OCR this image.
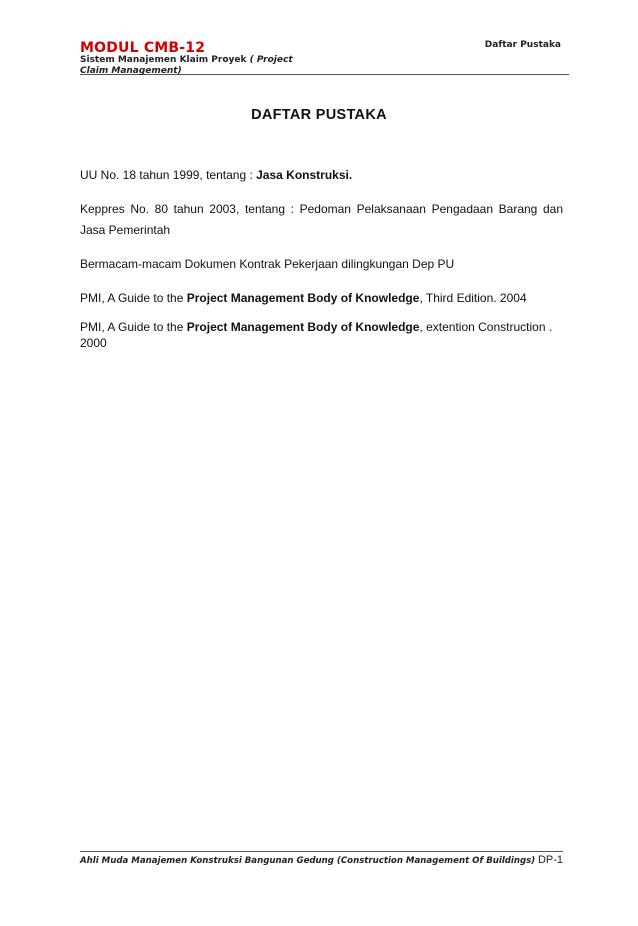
MODUL CMB-12
Sistem Manajemen Klaim Proyek ( Project Claim Management)
Daftar Pustaka
DAFTAR PUSTAKA

UU No. 18 tahun 1999, tentang : Jasa Konstruksi.

Keppres No. 80 tahun 2003, tentang : Pedoman Pelaksanaan Pengadaan Barang dan Jasa Pemerintah

Bermacam-macam Dokumen Kontrak Pekerjaan dilingkungan Dep PU

PMI, A Guide to the Project Management Body of Knowledge, Third Edition. 2004

PMI, A Guide to the Project Management Body of Knowledge, extention Construction . 2000

Ahli Muda Manajemen Konstruksi Bangunan Gedung (Construction Management Of Buildings) DP-1
